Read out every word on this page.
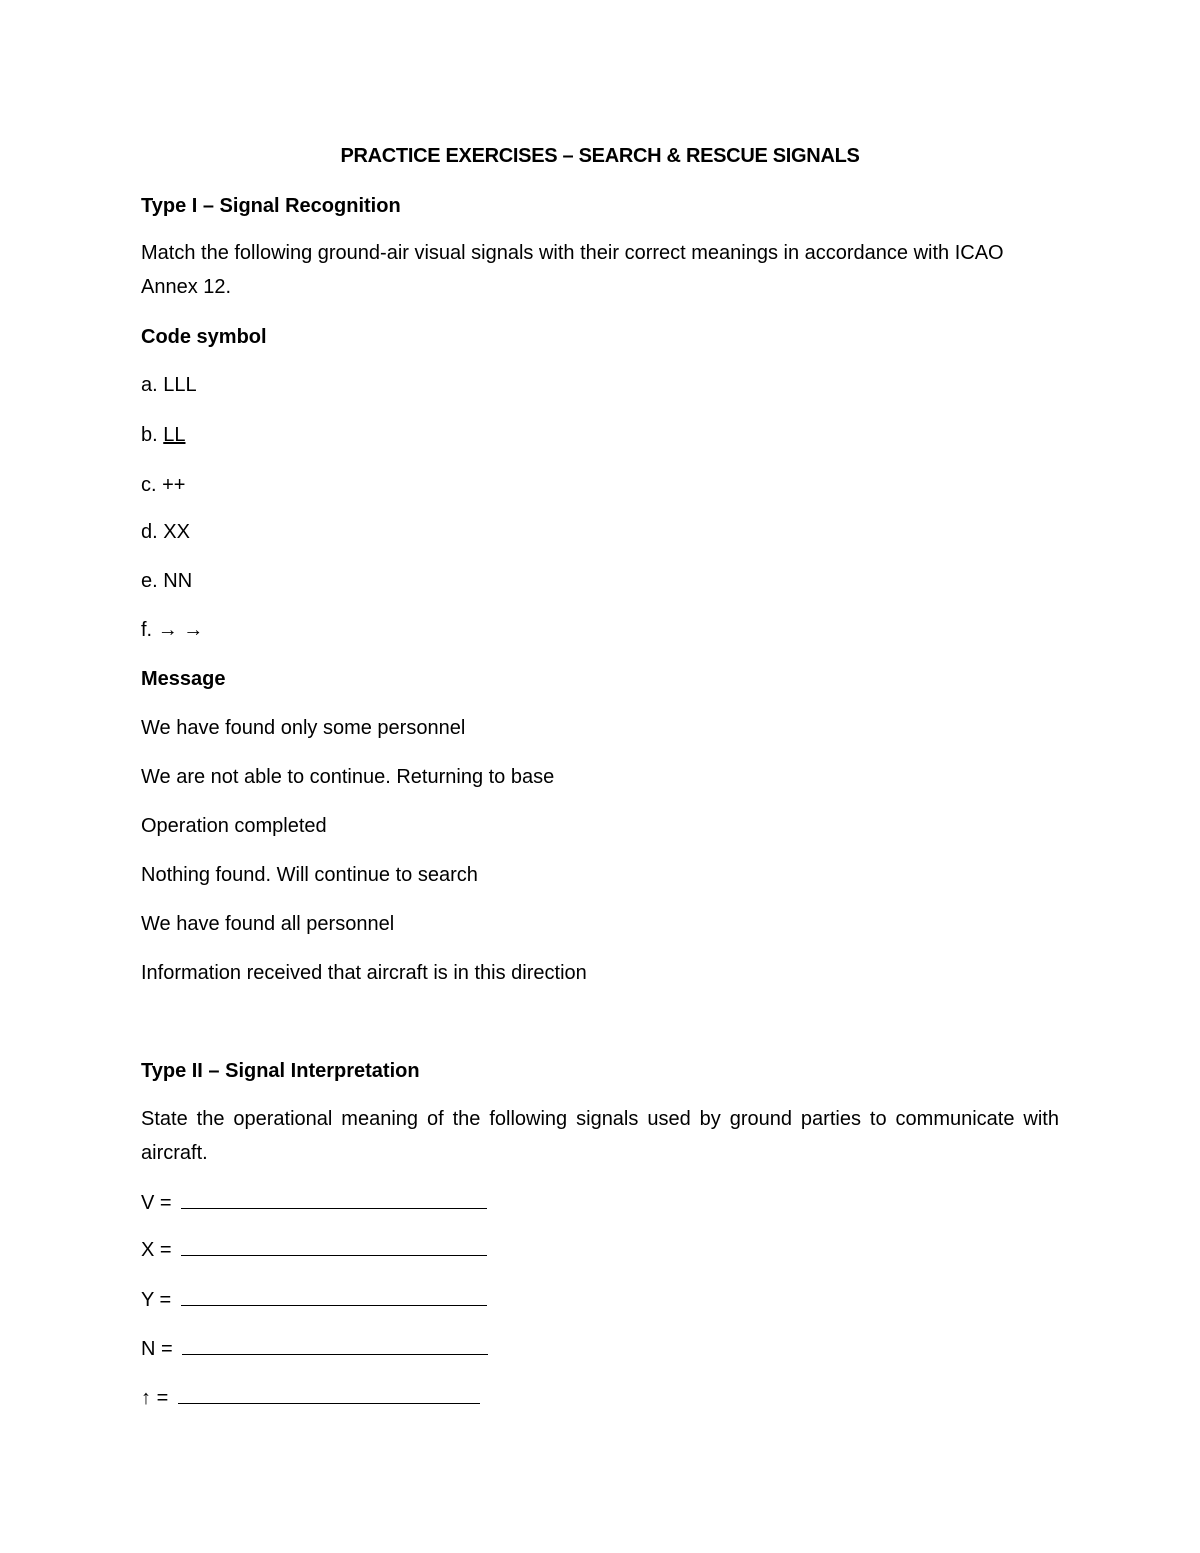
PRACTICE EXERCISES – SEARCH & RESCUE SIGNALS
Type I – Signal Recognition
Match the following ground-air visual signals with their correct meanings in accordance with ICAO Annex 12.
Code symbol
a. LLL
b. LL
c. ++
d. XX
e. NN
f. → →
Message
We have found only some personnel
We are not able to continue. Returning to base
Operation completed
Nothing found. Will continue to search
We have found all personnel
Information received that aircraft is in this direction
Type II – Signal Interpretation
State the operational meaning of the following signals used by ground parties to communicate with aircraft.
V =
X =
Y =
N =
↑ =
